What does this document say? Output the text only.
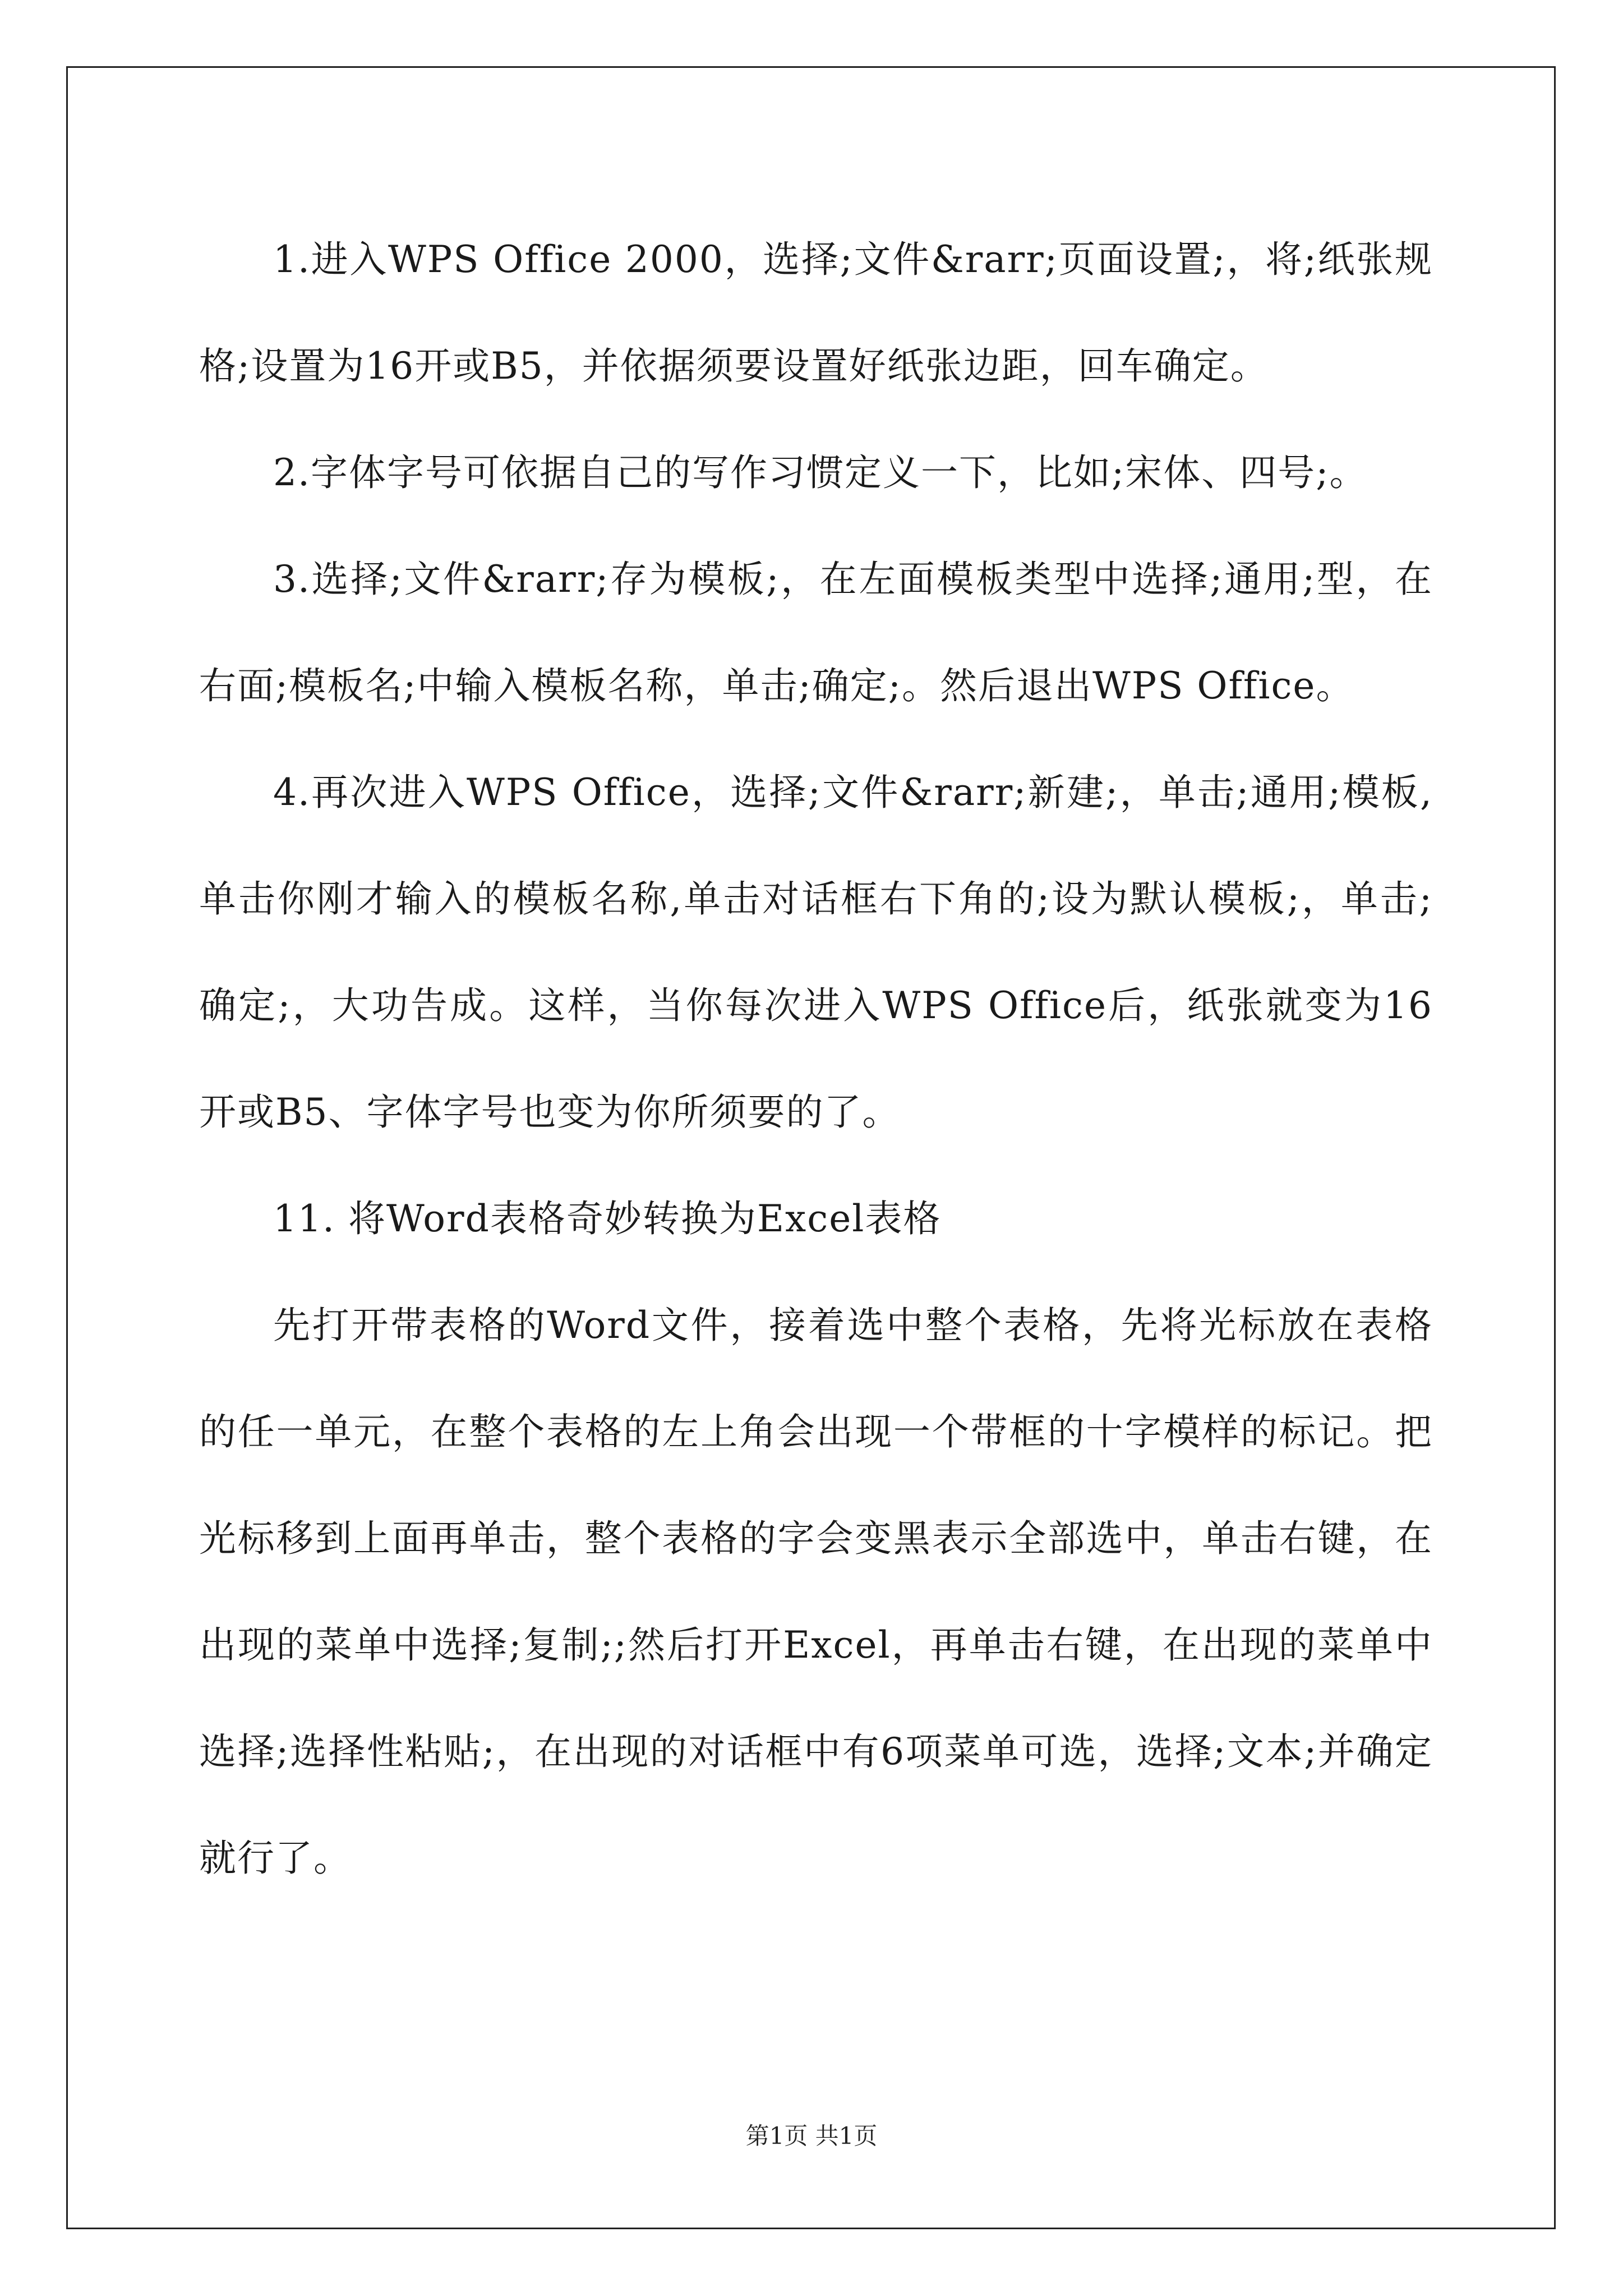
1.进入WPS Office 2000，选择;文件&rarr;页面设置;，将;纸张规格;设置为16开或B5，并依据须要设置好纸张边距，回车确定。

2.字体字号可依据自己的写作习惯定义一下，比如;宋体、四号;。

3.选择;文件&rarr;存为模板;，在左面模板类型中选择;通用;型，在右面;模板名;中输入模板名称，单击;确定;。然后退出WPS Office。

4.再次进入WPS Office，选择;文件&rarr;新建;，单击;通用;模板,单击你刚才输入的模板名称,单击对话框右下角的;设为默认模板;，单击;确定;，大功告成。这样，当你每次进入WPS Office后，纸张就变为16开或B5、字体字号也变为你所须要的了。

11. 将Word表格奇妙转换为Excel表格

先打开带表格的Word文件，接着选中整个表格，先将光标放在表格的任一单元，在整个表格的左上角会出现一个带框的十字模样的标记。把光标移到上面再单击，整个表格的字会变黑表示全部选中，单击右键，在出现的菜单中选择;复制;;然后打开Excel，再单击右键，在出现的菜单中选择;选择性粘贴;，在出现的对话框中有6项菜单可选，选择;文本;并确定就行了。

第1页 共1页
